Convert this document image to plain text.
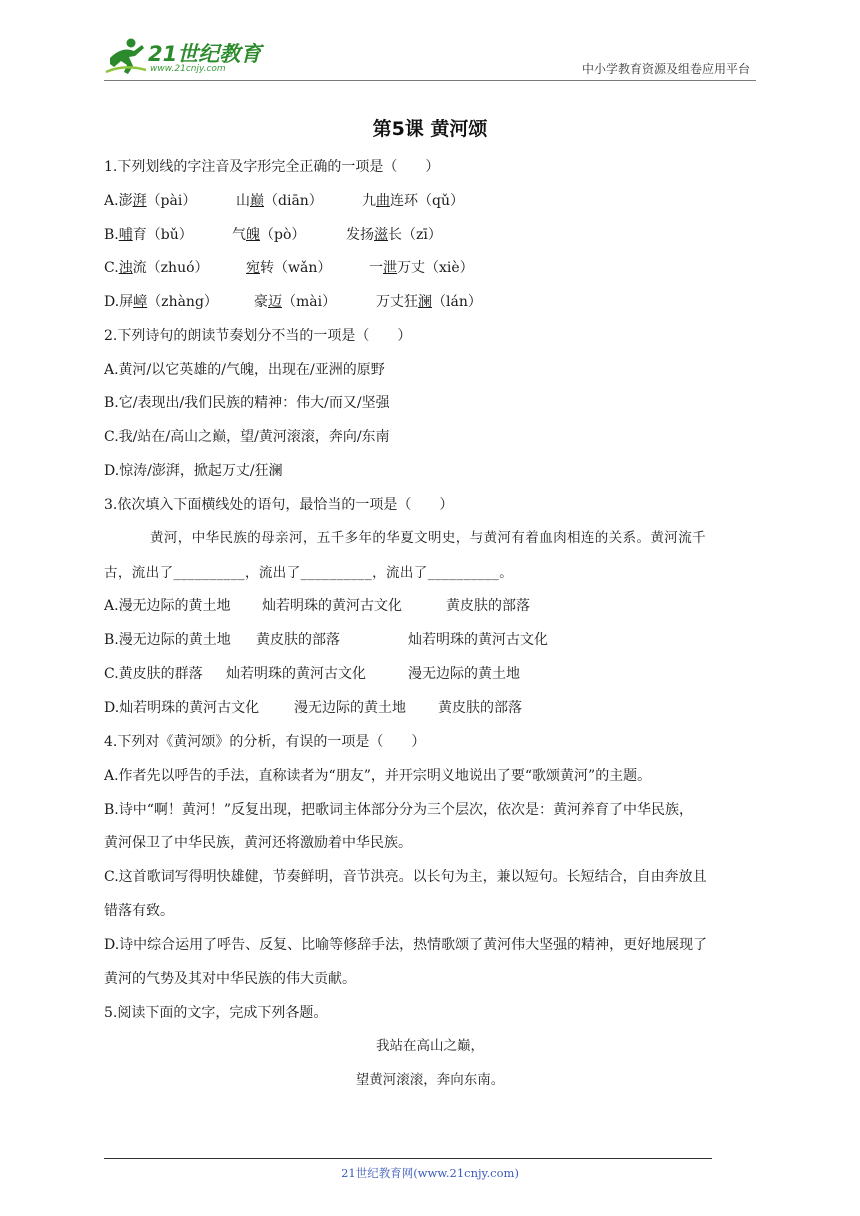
21世纪教育
www.21cnjy.com	中小学教育资源及组卷应用平台
第5课 黄河颂
1.下列划线的字注音及字形完全正确的一项是（　　）
A.澎湃（pài）	山巅（diān）	九曲连环（qǔ）
B.哺育（bǔ）	气魄（pò）	发扬滋长（zī）
C.浊流（zhuó）	宛转（wǎn）	一泄万丈（xiè）
D.屏嶂（zhàng）	豪迈（mài）	万丈狂澜（lán）
2.下列诗句的朗读节奏划分不当的一项是（　　）
A.黄河/以它英雄的/气魄，出现在/亚洲的原野
B.它/表现出/我们民族的精神：伟大/而又/坚强
C.我/站在/高山之巅，望/黄河滚滚，奔向/东南
D.惊涛/澎湃，掀起万丈/狂澜
3.依次填入下面横线处的语句，最恰当的一项是（　　）
黄河，中华民族的母亲河，五千多年的华夏文明史，与黄河有着血肉相连的关系。黄河流千
古，流出了__________，流出了__________，流出了__________。
A.漫无边际的黄土地 灿若明珠的黄河古文化	黄皮肤的部落
B.漫无边际的黄土地 黄皮肤的部落	灿若明珠的黄河古文化
C.黄皮肤的群落 灿若明珠的黄河古文化	漫无边际的黄土地
D.灿若明珠的黄河古文化 漫无边际的黄土地 黄皮肤的部落
4.下列对《黄河颂》的分析，有误的一项是（　　）
A.作者先以呼告的手法，直称读者为“朋友”，并开宗明义地说出了要“歌颂黄河”的主题。
B.诗中“啊！黄河！”反复出现，把歌词主体部分分为三个层次，依次是：黄河养育了中华民族，
黄河保卫了中华民族，黄河还将激励着中华民族。
C.这首歌词写得明快雄健，节奏鲜明，音节洪亮。以长句为主，兼以短句。长短结合，自由奔放且
错落有致。
D.诗中综合运用了呼告、反复、比喻等修辞手法，热情歌颂了黄河伟大坚强的精神，更好地展现了
黄河的气势及其对中华民族的伟大贡献。
5.阅读下面的文字，完成下列各题。
我站在高山之巅，
望黄河滚滚，奔向东南。
21世纪教育网(www.21cnjy.com)
